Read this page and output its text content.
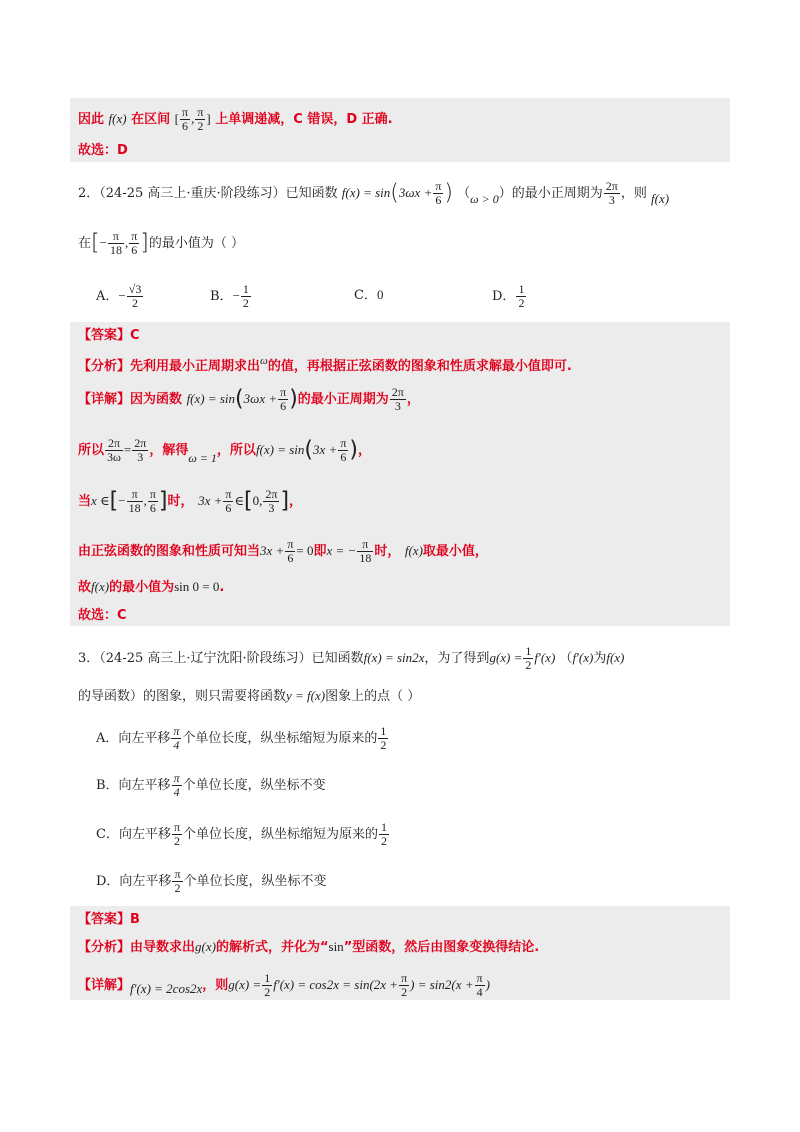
因此 f(x) 在区间 [ $\frac{\pi}{6}$ , $\frac{\pi}{2}$ ] 上单调递减，C 错误，D 正确.
故选：D
2．（24-25 高三上·重庆·阶段练习）已知函数 $f(x) = \sin(3\omega x + \frac{\pi}{6}$ ) （ω > 0）的最小正周期为 $\frac{2\pi}{3}$ ，则 f(x)
在[− $\frac{\pi}{18}$ , $\frac{\pi}{6}$ ]的最小值为（ ）
A．− $\frac{√3}{2}$	B．− $\frac{1}{2}$	C．0	D． $\frac{1}{2}$
【答案】C
【分析】先利用最小正周期求出$^\omega$的值，再根据正弦函数的图象和性质求解最小值即可.
【详解】因为函数 $f(x) = \sin(3\omega x + \frac{\pi}{6}$ )的最小正周期为 $\frac{2\pi}{3}$ ，
所以 $\frac{2\pi}{3\omega} = \frac{2\pi}{3}$ ，解得ω = 1，所以$f(x) = \sin(3x + \frac{\pi}{6}$ )，
当x ∈[− $\frac{\pi}{18}$ , $\frac{\pi}{6}$ ]时， $3x + \frac{\pi}{6}$ ∈[0, $\frac{2\pi}{3}$ ]，
由正弦函数的图象和性质可知当$3x + \frac{\pi}{6} = 0$即x = − $\frac{\pi}{18}$ 时， f(x)取最小值，
故f(x)的最小值为sin 0 = 0.
故选：C
3．（24-25 高三上·辽宁沈阳·阶段练习）已知函数f(x) = sin2x，为了得到$g(x) = \frac{1}{2} f'(x)$ （f′(x)为f(x)
的导函数）的图象，则只需要将函数y = f(x)图象上的点（ ）
A．向左平移 $\frac{\pi}{4}$ 个单位长度，纵坐标缩短为原来的 $\frac{1}{2}$
B．向左平移 $\frac{\pi}{4}$ 个单位长度，纵坐标不变
C．向左平移 $\frac{\pi}{2}$ 个单位长度，纵坐标缩短为原来的 $\frac{1}{2}$
D．向左平移 $\frac{\pi}{2}$ 个单位长度，纵坐标不变
【答案】B
【分析】由导数求出g(x)的解析式，并化为“sin”型函数，然后由图象变换得结论.
【详解】f′(x) = 2cos2x，则$g(x) = \frac{1}{2} f'(x) = \cos 2x = \sin(2x + \frac{\pi}{2}$ ) = $\sin 2(x + \frac{\pi}{4}$ )
